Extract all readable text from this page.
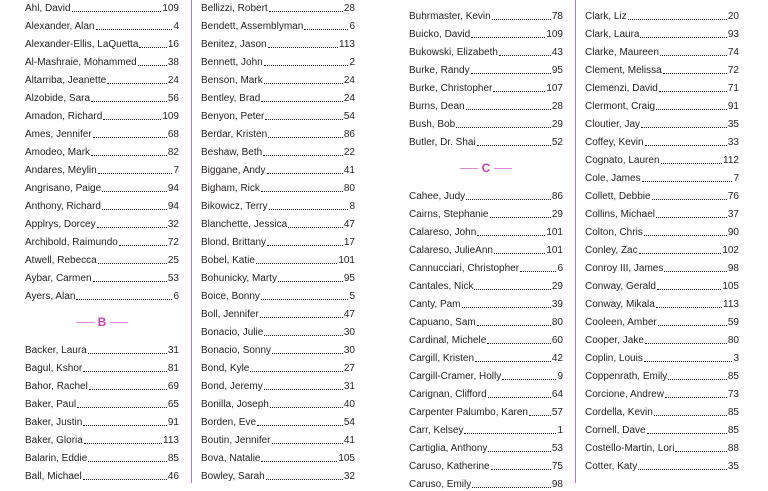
Ahl, David	109
Alexander, Alan	4
Alexander-Ellis, LaQuetta	16
Al-Mashraie, Mohammed	38
Altarriba, Jeanette	24
Alzobide, Sara	56
Amadon, Richard	109
Ames, Jennifer	68
Amodeo, Mark	82
Andares, Meylin	7
Angrisano, Paige	94
Anthony, Richard	94
Applrys, Dorcey	32
Archibold, Raimundo	72
Atwell, Rebecca	25
Aybar, Carmen	53
Ayers, Alan	6
B
Backer, Laura	31
Bagul, Kshor	81
Bahor, Rachel	69
Baker, Paul	65
Baker, Justin	91
Baker, Gloria	113
Balarin, Eddie	85
Ball, Michael	46
Bellizzi, Robert	28
Bendett, Assemblyman	6
Benitez, Jason	113
Bennett, John	2
Benson, Mark	24
Bentley, Brad	24
Benyon, Peter	54
Berdar, Kristen	86
Beshaw, Beth	22
Biggane, Andy	41
Bigham, Rick	80
Bikowicz, Terry	8
Blanchette, Jessica	47
Blond, Brittany	17
Bobel, Katie	101
Bohunicky, Marty	95
Boice, Bonny	5
Boll, Jennifer	47
Bonacio, Julie	30
Bonacio, Sonny	30
Bond, Kyle	27
Bond, Jeremy	31
Bonilla, Joseph	40
Borden, Eve	54
Boutin, Jennifer	41
Bova, Natalie	105
Bowley, Sarah	32
Buhrmaster, Kevin	78
Buicko, David	109
Bukowski, Elizabeth	43
Burke, Randy	95
Burke, Christopher	107
Burns, Dean	28
Bush, Bob	29
Butler, Dr. Shai	52
C
Cahee, Judy	86
Cairns, Stephanie	29
Calareso, John	101
Calareso, JulieAnn	101
Cannucciari, Christopher	6
Cantales, Nick	29
Canty, Pam	39
Capuano, Sam	80
Cardinal, Michele	60
Cargill, Kristen	42
Cargill-Cramer, Holly	9
Carignan, Clifford	64
Carpenter Palumbo, Karen 57
Carr, Kelsey	1
Cartiglia, Anthony	53
Caruso, Katherine	75
Caruso, Emily	98
Clark, Liz	20
Clark, Laura	93
Clarke, Maureen	74
Clement, Melissa	72
Clemenzi, David	71
Clermont, Craig	91
Cloutier, Jay	35
Coffey, Kevin	33
Cognato, Lauren	112
Cole, James	7
Collett, Debbie	76
Collins, Michael	37
Colton, Chris	90
Conley, Zac	102
Conroy III, James	98
Conway, Gerald	105
Conway, Mikala	113
Cooleen, Amber	59
Cooper, Jake	80
Coplin, Louis	3
Coppenrath, Emily	85
Corcione, Andrew	73
Cordella, Kevin	85
Cornell, Dave	85
Costello-Martin, Lori	88
Cotter, Katy	35
